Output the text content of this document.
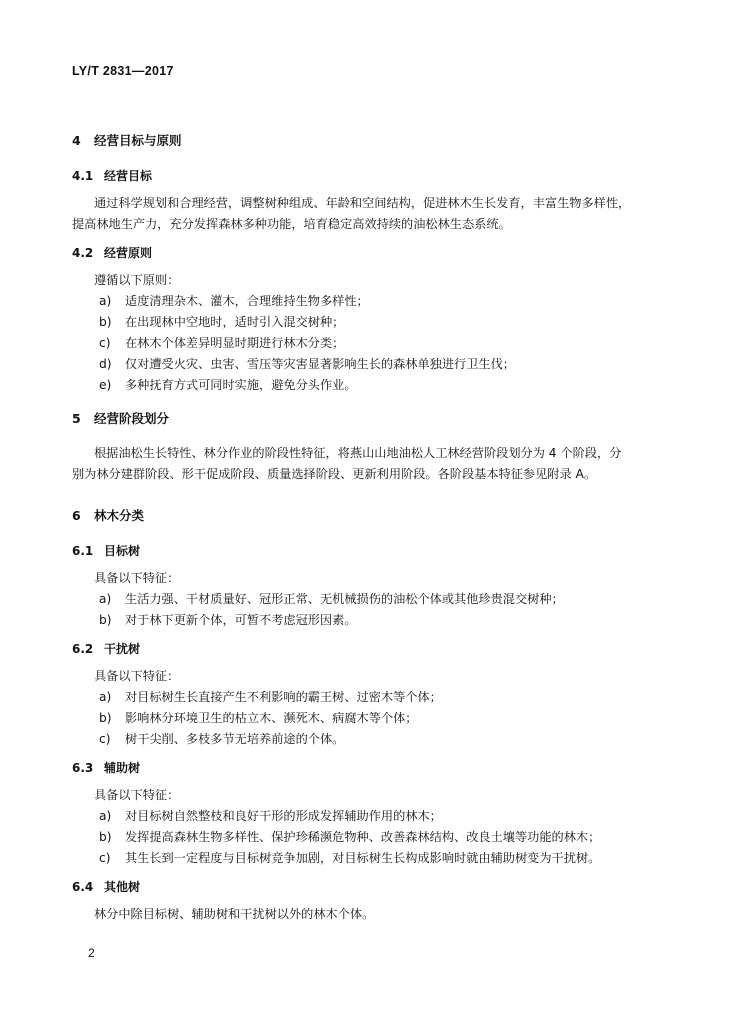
LY/T 2831—2017
4 经营目标与原则
4.1 经营目标
通过科学规划和合理经营，调整树种组成、年龄和空间结构，促进林木生长发育，丰富生物多样性，
提高林地生产力，充分发挥森林多种功能，培育稳定高效持续的油松林生态系统。
4.2 经营原则
遵循以下原则：
a) 适度清理杂木、灌木，合理维持生物多样性；
b) 在出现林中空地时，适时引入混交树种；
c) 在林木个体差异明显时期进行林木分类；
d) 仅对遭受火灾、虫害、雪压等灾害显著影响生长的森林单独进行卫生伐；
e) 多种抚育方式可同时实施，避免分头作业。
5 经营阶段划分
根据油松生长特性、林分作业的阶段性特征，将燕山山地油松人工林经营阶段划分为 4 个阶段，分
别为林分建群阶段、形干促成阶段、质量选择阶段、更新利用阶段。各阶段基本特征参见附录 A。
6 林木分类
6.1 目标树
具备以下特征：
a) 生活力强、干材质量好、冠形正常、无机械损伤的油松个体或其他珍贵混交树种；
b) 对于林下更新个体，可暂不考虑冠形因素。
6.2 干扰树
具备以下特征：
a) 对目标树生长直接产生不利影响的霸王树、过密木等个体；
b) 影响林分环境卫生的枯立木、濒死木、病腐木等个体；
c) 树干尖削、多枝多节无培养前途的个体。
6.3 辅助树
具备以下特征：
a) 对目标树自然整枝和良好干形的形成发挥辅助作用的林木；
b) 发挥提高森林生物多样性、保护珍稀濒危物种、改善森林结构、改良土壤等功能的林木；
c) 其生长到一定程度与目标树竞争加剧，对目标树生长构成影响时就由辅助树变为干扰树。
6.4 其他树
林分中除目标树、辅助树和干扰树以外的林木个体。
2
